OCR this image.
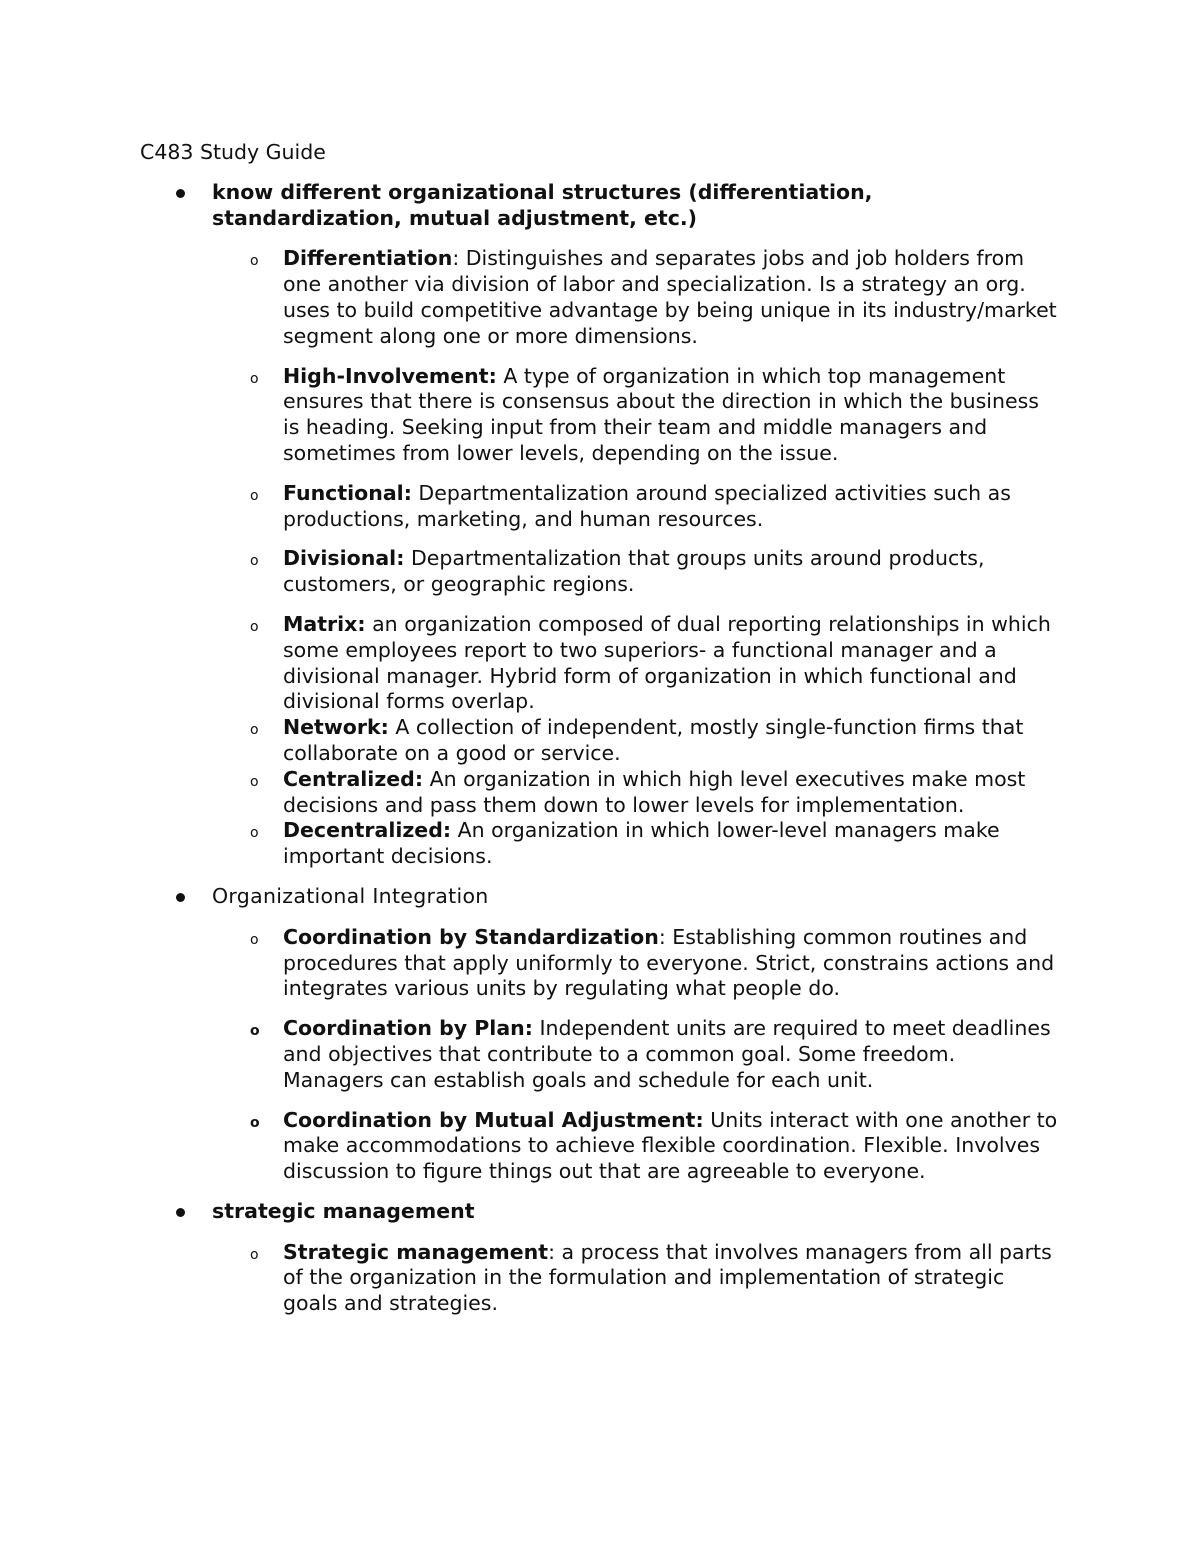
C483 Study Guide
know different organizational structures (differentiation, standardization, mutual adjustment, etc.)
o Differentiation: Distinguishes and separates jobs and job holders from one another via division of labor and specialization. Is a strategy an org. uses to build competitive advantage by being unique in its industry/market segment along one or more dimensions.
o High-Involvement: A type of organization in which top management ensures that there is consensus about the direction in which the business is heading. Seeking input from their team and middle managers and sometimes from lower levels, depending on the issue.
o Functional: Departmentalization around specialized activities such as productions, marketing, and human resources.
o Divisional: Departmentalization that groups units around products, customers, or geographic regions.
o Matrix: an organization composed of dual reporting relationships in which some employees report to two superiors- a functional manager and a divisional manager. Hybrid form of organization in which functional and divisional forms overlap.
o Network: A collection of independent, mostly single-function firms that collaborate on a good or service.
o Centralized: An organization in which high level executives make most decisions and pass them down to lower levels for implementation.
o Decentralized: An organization in which lower-level managers make important decisions.
Organizational Integration
o Coordination by Standardization: Establishing common routines and procedures that apply uniformly to everyone. Strict, constrains actions and integrates various units by regulating what people do.
o Coordination by Plan: Independent units are required to meet deadlines and objectives that contribute to a common goal. Some freedom. Managers can establish goals and schedule for each unit.
o Coordination by Mutual Adjustment: Units interact with one another to make accommodations to achieve flexible coordination. Flexible. Involves discussion to figure things out that are agreeable to everyone.
strategic management
o Strategic management: a process that involves managers from all parts of the organization in the formulation and implementation of strategic goals and strategies.
